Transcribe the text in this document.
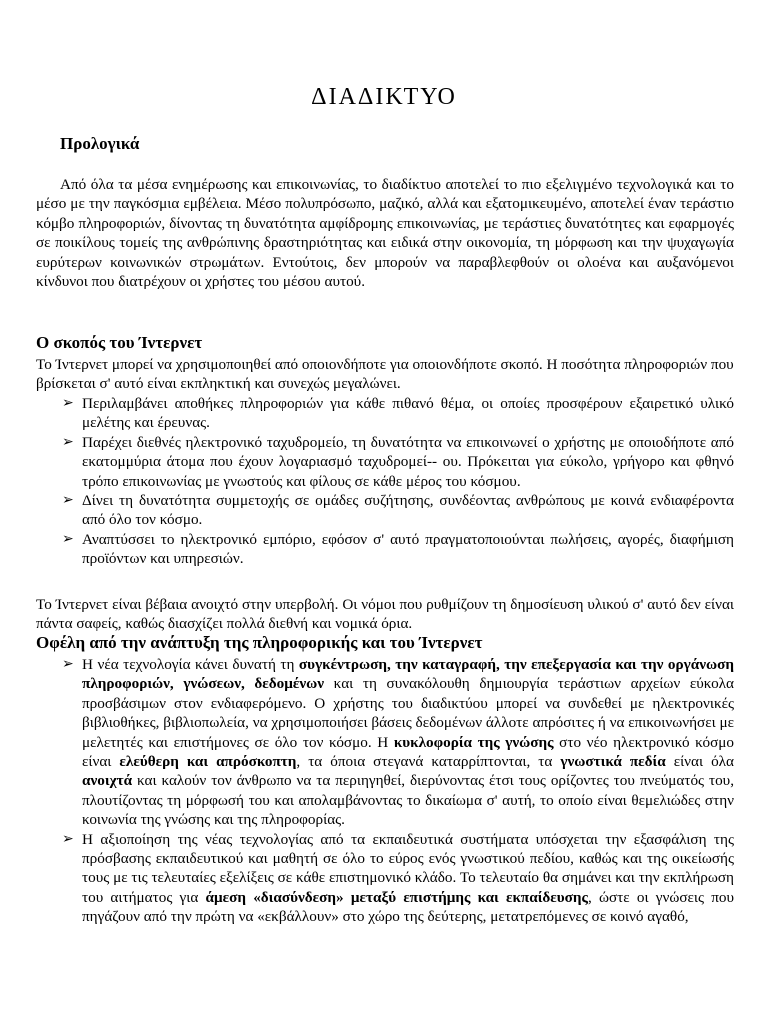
ΔΙΑΔΙΚΤΥΟ
Προλογικά

Από όλα τα μέσα ενημέρωσης και επικοινωνίας, το διαδίκτυο αποτελεί το πιο εξελιγμένο τεχνολογικά και το μέσο με την παγκόσμια εμβέλεια. Μέσο πολυπρόσωπο, μαζικό, αλλά και εξατομικευμένο, αποτελεί έναν τεράστιο κόμβο πληροφοριών, δίνοντας τη δυνατότητα αμφίδρομης επικοινωνίας, με τεράστιες δυνατότητες και εφαρμογές σε ποικίλους τομείς της ανθρώπινης δραστηριότητας και ειδικά στην οικονομία, τη μόρφωση και την ψυχαγωγία ευρύτερων κοινωνικών στρωμάτων. Εντούτοις, δεν μπορούν να παραβλεφθούν οι ολοένα και αυξανόμενοι κίνδυνοι που διατρέχουν οι χρήστες του μέσου αυτού.

Ο σκοπός του Ίντερνετ

Το Ίντερνετ μπορεί να χρησιμοποιηθεί από οποιονδήποτε για οποιονδήποτε σκοπό. Η ποσότητα πληροφοριών που βρίσκεται σ' αυτό είναι εκπληκτική και συνεχώς μεγαλώνει.

➢ Περιλαμβάνει αποθήκες πληροφοριών για κάθε πιθανό θέμα, οι οποίες προσφέρουν εξαιρετικό υλικό μελέτης και έρευνας.
➢ Παρέχει διεθνές ηλεκτρονικό ταχυδρομείο, τη δυνατότητα να επικοινωνεί ο χρήστης με οποιοδήποτε από εκατομμύρια άτομα που έχουν λογαριασμό ταχυδρομεί-- ου. Πρόκειται για εύκολο, γρήγορο και φθηνό τρόπο επικοινωνίας με γνωστούς και φίλους σε κάθε μέρος του κόσμου.
➢ Δίνει τη δυνατότητα συμμετοχής σε ομάδες συζήτησης, συνδέοντας ανθρώπους με κοινά ενδιαφέροντα από όλο τον κόσμο.
➢ Αναπτύσσει το ηλεκτρονικό εμπόριο, εφόσον σ' αυτό πραγματοποιούνται πωλήσεις, αγορές, διαφήμιση προϊόντων και υπηρεσιών.

Το Ίντερνετ είναι βέβαια ανοιχτό στην υπερβολή. Οι νόμοι που ρυθμίζουν τη δημοσίευση υλικού σ' αυτό δεν είναι πάντα σαφείς, καθώς διασχίζει πολλά διεθνή και νομικά όρια.

Οφέλη από την ανάπτυξη της πληροφορικής και του Ίντερνετ
➢ Η νέα τεχνολογία κάνει δυνατή τη συγκέντρωση, την καταγραφή, την επεξεργασία και την οργάνωση πληροφοριών, γνώσεων, δεδομένων και τη συνακόλουθη δημιουργία τεράστιων αρχείων εύκολα προσβάσιμων στον ενδιαφερόμενο. Ο χρήστης του διαδικτύου μπορεί να συνδεθεί με ηλεκτρονικές βιβλιοθήκες, βιβλιοπωλεία, να χρησιμοποιήσει βάσεις δεδομένων άλλοτε απρόσιτες ή να επικοινωνήσει με μελετητές και επιστήμονες σε όλο τον κόσμο. Η κυκλοφορία της γνώσης στο νέο ηλεκτρονικό κόσμο είναι ελεύθερη και απρόσκοπτη, τα όποια στεγανά καταρρίπτονται, τα γνωστικά πεδία είναι όλα ανοιχτά και καλούν τον άνθρωπο να τα περιηγηθεί, διερύνοντας έτσι τους ορίζοντες του πνεύματός του, πλουτίζοντας τη μόρφωσή του και απολαμβάνοντας το δικαίωμα σ' αυτή, το οποίο είναι θεμελιώδες στην κοινωνία της γνώσης και της πληροφορίας.
➢ Η αξιοποίηση της νέας τεχνολογίας από τα εκπαιδευτικά συστήματα υπόσχεται την εξασφάλιση της πρόσβασης εκπαιδευτικού και μαθητή σε όλο το εύρος ενός γνωστικού πεδίου, καθώς και της οικείωσής τους με τις τελευταίες εξελίξεις σε κάθε επιστημονικό κλάδο. Το τελευταίο θα σημάνει και την εκπλήρωση του αιτήματος για άμεση «διασύνδεση» μεταξύ επιστήμης και εκπαίδευσης, ώστε οι γνώσεις που πηγάζουν από την πρώτη να «εκβάλλουν» στο χώρο της δεύτερης, μετατρεπόμενες σε κοινό αγαθό,
